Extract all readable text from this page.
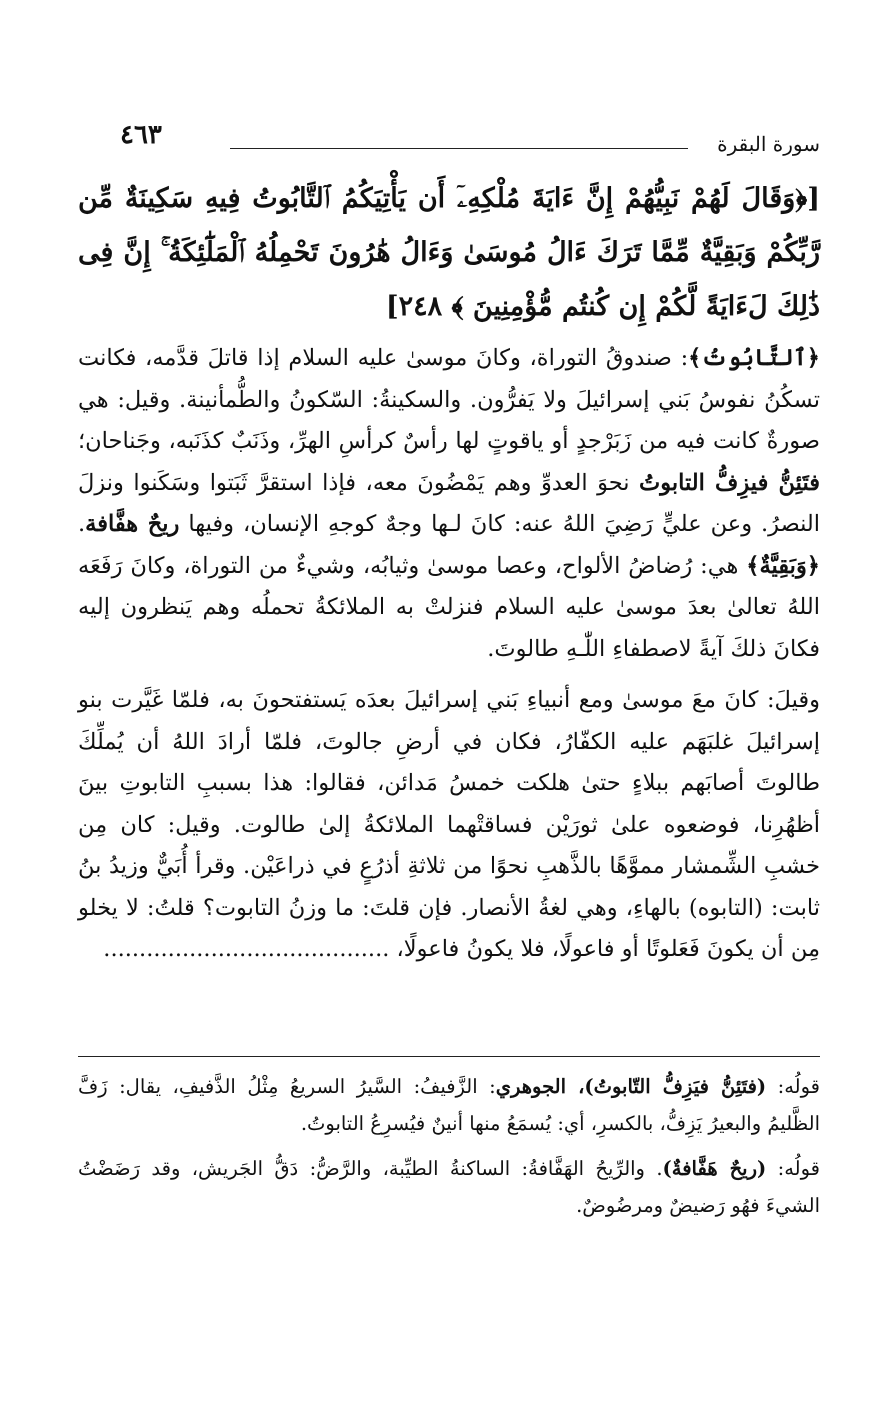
سورة البقرة
٤٦٣

[﴿وَقَالَ لَهُمْ نَبِيُّهُمْ إِنَّ ءَايَةَ مُلْكِهِۦٓ أَن يَأْتِيَكُمُ ٱلتَّابُوتُ فِيهِ سَكِينَةٌ مِّن رَّبِّكُمْ وَبَقِيَّةٌ مِّمَّا تَرَكَ ءَالُ مُوسَىٰ وَءَالُ هَٰرُونَ تَحْمِلُهُ ٱلْمَلَٰٓئِكَةُ ۚ إِنَّ فِى ذَٰلِكَ لَءَايَةً لَّكُمْ إِن كُنتُم مُّؤْمِنِينَ ﴾ ٢٤٨]

﴿ٱلتَّابُوتُ﴾: صندوقُ التوراة، وكانَ موسىٰ عليه السلام إذا قاتلَ قدَّمه، فكانت تسكُنُ نفوسُ بَني إسرائيلَ ولا يَفرُّون. والسكينةُ: السّكونُ والطُّمأنينة. وقيل: هي صورةٌ كانت فيه من زَبَرْجدٍ أو ياقوتٍ لها رأسٌ كرأسِ الهرِّ، وذَنَبٌ كذَنَبه، وجَناحان؛ فتَئِنُّ فيزِفُّ التابوتُ نحوَ العدوِّ وهم يَمْضُونَ معه، فإذا استقرَّ ثَبَتوا وسَكَنوا ونزلَ النصرُ. وعن عليٍّ رَضِيَ اللهُ عنه: كانَ لـها وجهٌ كوجهِ الإنسان، وفيها ريحٌ هفَّافة. ﴿وَبَقِيَّةٌ﴾ هي: رُضاضُ الألواح، وعصا موسىٰ وثيابُه، وشيءٌ من التوراة، وكانَ رَفَعَه اللهُ تعالىٰ بعدَ موسىٰ عليه السلام فنزلتْ به الملائكةُ تحملُه وهم يَنظرون إليه فكانَ ذلكَ آيةً لاصطفاءِ اللّٰـهِ طالوتَ.

وقيلَ: كانَ معَ موسىٰ ومع أنبياءِ بَني إسرائيلَ بعدَه يَستفتحونَ به، فلمّا غَيَّرت بنو إسرائيلَ غلبَهَم عليه الكفّارُ، فكان في أرضِ جالوتَ، فلمّا أرادَ اللهُ أن يُملِّكَ طالوتَ أصابَهم ببلاءٍ حتىٰ هلكت خمسُ مَدائن، فقالوا: هذا بسببِ التابوتِ بينَ أظهُرِنا، فوضعوه علىٰ ثورَيْن فساقتْهما الملائكةُ إلىٰ طالوت. وقيل: كان مِن خشبِ الشِّمشار مموَّهًا بالذَّهبِ نحوًا من ثلاثةِ أذرُعٍ في ذراعَيْن. وقرأ أُبَيٌّ وزيدُ بنُ ثابت: (التابوه) بالهاءِ، وهي لغةُ الأنصار. فإن قلتَ: ما وزنُ التابوت؟ قلتُ: لا يخلو مِن أن يكونَ فَعَلوتًا أو فاعولًا، فلا يكونُ فاعولًا، ........................................

قولُه: (فتَئِنُّ فيَزِفُّ التّابوتُ)، الجوهري: الزَّفيفُ: السَّيرُ السريعُ مِثْلُ الذَّفيفِ، يقال: زَفَّ الظَّليمُ والبعيرُ يَزِفُّ، بالكسرِ، أي: يُسمَعُ منها أنينٌ فيُسرِعُ التابوتُ.

قولُه: (ريحٌ هَفَّافةٌ). والرِّيحُ الهَفَّافةُ: الساكنةُ الطيِّبة، والرَّضُّ: دَقُّ الجَريش، وقد رَضَضْتُ الشيءَ فهُو رَضيضٌ ومرضُوضٌ.
